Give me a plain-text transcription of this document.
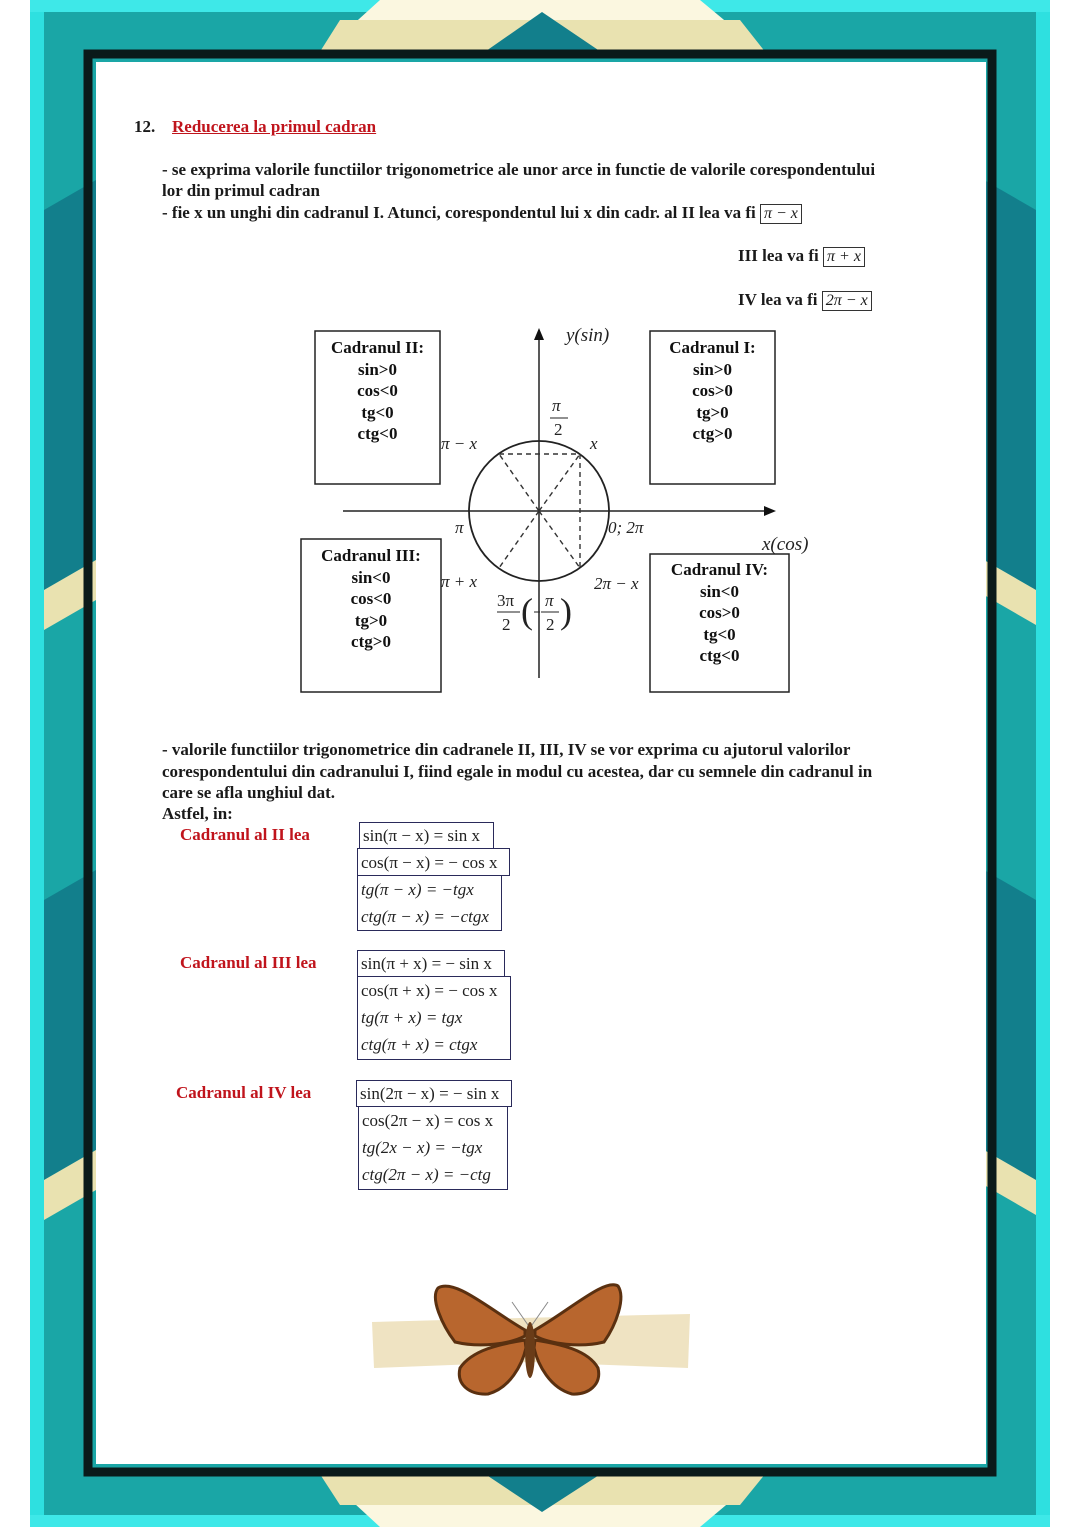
12. Reducerea la primul cadran
- se exprima valorile functiilor trigonometrice ale unor arce in functie de valorile corespondentului
lor din primul cadran
- fie x un unghi din cadranul I. Atunci, corespondentul lui x din cadr. al II lea va fi π − x
III lea va fi π + x
IV lea va fi 2π − x
Cadranul I:
sin>0
cos>0
tg>0
ctg>0
Cadranul II:
sin>0
cos<0
tg<0
ctg<0
Cadranul III:
sin<0
cos<0
tg>0
ctg>0
Cadranul IV:
sin<0
cos>0
tg<0
ctg<0
y(sin)
x(cos)
π
2
x
π − x
π	0; 2π
π + x	2π − x
3π
2 ( π
2 )
- valorile functiilor trigonometrice din cadranele II, III, IV se vor exprima cu ajutorul valorilor
corespondentului din cadranului I, fiind egale in modul cu acestea, dar cu semnele din cadranul in
care se afla unghiul dat.
Astfel, in:
Cadranul al II lea	sin(π − x) = sin x
cos(π − x) = − cos x
tg(π − x) = −tgx
ctg(π − x) = −ctgx
Cadranul al III lea	sin(π + x) = − sin x
cos(π + x) = − cos x
tg(π + x) = tgx
ctg(π + x) = ctgx
Cadranul al IV lea	sin(2π − x) = − sin x
cos(2π − x) = cos x
tg(2x − x) = −tgx
ctg(2π − x) = −ctg
